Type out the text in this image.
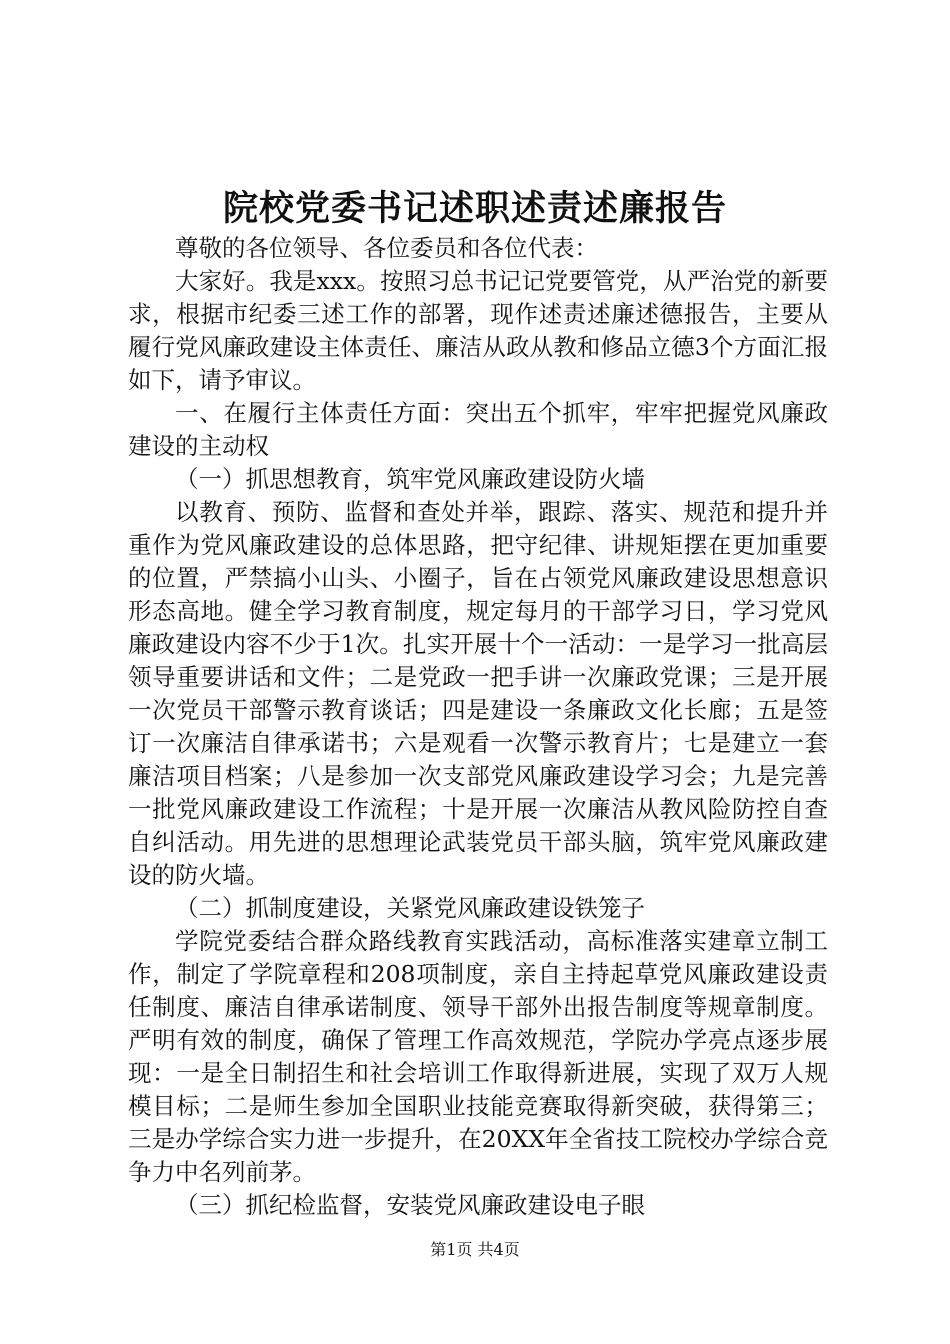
院校党委书记述职述责述廉报告

尊敬的各位领导、各位委员和各位代表：

大家好。我是xxx。按照习总书记记党要管党，从严治党的新要求，根据市纪委三述工作的部署，现作述责述廉述德报告，主要从履行党风廉政建设主体责任、廉洁从政从教和修品立德3个方面汇报如下，请予审议。

一、在履行主体责任方面：突出五个抓牢，牢牢把握党风廉政建设的主动权

（一）抓思想教育，筑牢党风廉政建设防火墙

以教育、预防、监督和查处并举，跟踪、落实、规范和提升并重作为党风廉政建设的总体思路，把守纪律、讲规矩摆在更加重要的位置，严禁搞小山头、小圈子，旨在占领党风廉政建设思想意识形态高地。健全学习教育制度，规定每月的干部学习日，学习党风廉政建设内容不少于1次。扎实开展十个一活动：一是学习一批高层领导重要讲话和文件；二是党政一把手讲一次廉政党课；三是开展一次党员干部警示教育谈话；四是建设一条廉政文化长廊；五是签订一次廉洁自律承诺书；六是观看一次警示教育片；七是建立一套廉洁项目档案；八是参加一次支部党风廉政建设学习会；九是完善一批党风廉政建设工作流程；十是开展一次廉洁从教风险防控自查自纠活动。用先进的思想理论武装党员干部头脑，筑牢党风廉政建设的防火墙。

（二）抓制度建设，关紧党风廉政建设铁笼子

学院党委结合群众路线教育实践活动，高标准落实建章立制工作，制定了学院章程和208项制度，亲自主持起草党风廉政建设责任制度、廉洁自律承诺制度、领导干部外出报告制度等规章制度。严明有效的制度，确保了管理工作高效规范，学院办学亮点逐步展现：一是全日制招生和社会培训工作取得新进展，实现了双万人规模目标；二是师生参加全国职业技能竞赛取得新突破，获得第三；三是办学综合实力进一步提升，在20XX年全省技工院校办学综合竞争力中名列前茅。

（三）抓纪检监督，安装党风廉政建设电子眼

第1页 共4页
